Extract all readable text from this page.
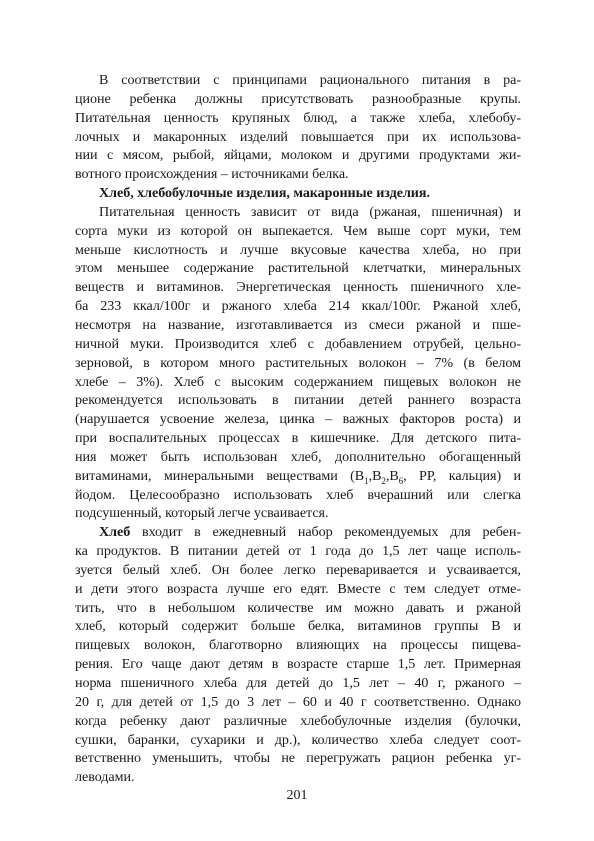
В соответствии с принципами рационального питания в ра-
ционе ребенка должны присутствовать разнообразные крупы.
Питательная ценность крупяных блюд, а также хлеба, хлебобу-
лочных и макаронных изделий повышается при их использова-
нии с мясом, рыбой, яйцами, молоком и другими продуктами жи-
вотного происхождения – источниками белка.
Хлеб, хлебобулочные изделия, макаронные изделия.
Питательная ценность зависит от вида (ржаная, пшеничная) и
сорта муки из которой он выпекается. Чем выше сорт муки, тем
меньше кислотность и лучше вкусовые качества хлеба, но при
этом меньшее содержание растительной клетчатки, минеральных
веществ и витаминов. Энергетическая ценность пшеничного хле-
ба 233 ккал/100г и ржаного хлеба 214 ккал/100г. Ржаной хлеб,
несмотря на название, изготавливается из смеси ржаной и пше-
ничной муки. Производится хлеб с добавлением отрубей, цельно-
зерновой, в котором много растительных волокон – 7% (в белом
хлебе – 3%). Хлеб с высоким содержанием пищевых волокон не
рекомендуется использовать в питании детей раннего возраста
(нарушается усвоение железа, цинка – важных факторов роста) и
при воспалительных процессах в кишечнике. Для детского пита-
ния может быть использован хлеб, дополнительно обогащенный
витаминами, минеральными веществами ($В_1,В_2,В_6$, РР, кальция) и
йодом. Целесообразно использовать хлеб вчерашний или слегка
подсушенный, который легче усваивается.
Хлеб входит в ежедневный набор рекомендуемых для ребен-
ка продуктов. В питании детей от 1 года до 1,5 лет чаще исполь-
зуется белый хлеб. Он более легко переваривается и усваивается,
и дети этого возраста лучше его едят. Вместе с тем следует отме-
тить, что в небольшом количестве им можно давать и ржаной
хлеб, который содержит больше белка, витаминов группы В и
пищевых волокон, благотворно влияющих на процессы пищева-
рения. Его чаще дают детям в возрасте старше 1,5 лет. Примерная
норма пшеничного хлеба для детей до 1,5 лет – 40 г, ржаного –
20 г, для детей от 1,5 до 3 лет – 60 и 40 г соответственно. Однако
когда ребенку дают различные хлебобулочные изделия (булочки,
сушки, баранки, сухарики и др.), количество хлеба следует соот-
ветственно уменьшить, чтобы не перегружать рацион ребенка уг-
леводами.
201
